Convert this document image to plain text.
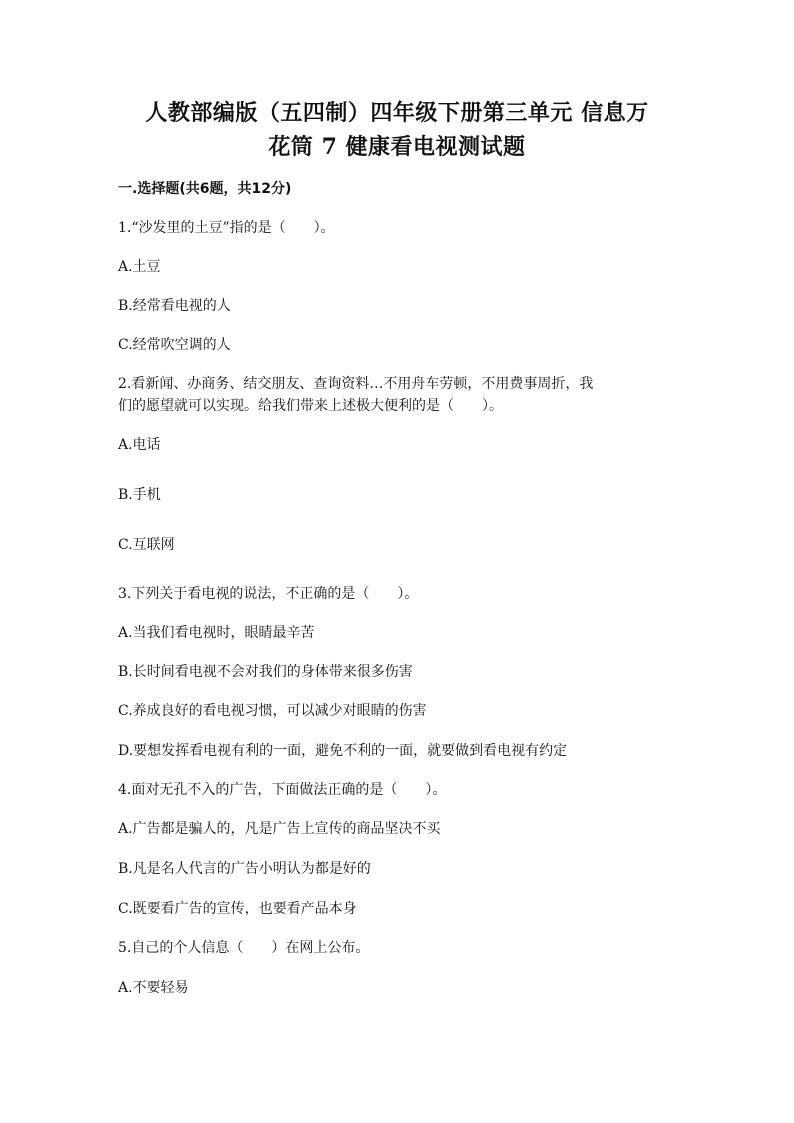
人教部编版（五四制）四年级下册第三单元 信息万
花筒 7 健康看电视测试题
一.选择题(共6题，共12分)
1.“沙发里的土豆”指的是（　　）。
A.土豆
B.经常看电视的人
C.经常吹空调的人
2.看新闻、办商务、结交朋友、查询资料…不用舟车劳顿，不用费事周折，我
们的愿望就可以实现。给我们带来上述极大便利的是（　　）。
A.电话
B.手机
C.互联网
3.下列关于看电视的说法，不正确的是（　　）。
A.当我们看电视时，眼睛最辛苦
B.长时间看电视不会对我们的身体带来很多伤害
C.养成良好的看电视习惯，可以减少对眼睛的伤害
D.要想发挥看电视有利的一面，避免不利的一面，就要做到看电视有约定
4.面对无孔不入的广告，下面做法正确的是（　　）。
A.广告都是骗人的，凡是广告上宣传的商品坚决不买
B.凡是名人代言的广告小明认为都是好的
C.既要看广告的宣传，也要看产品本身
5.自己的个人信息（　　）在网上公布。
A.不要轻易
